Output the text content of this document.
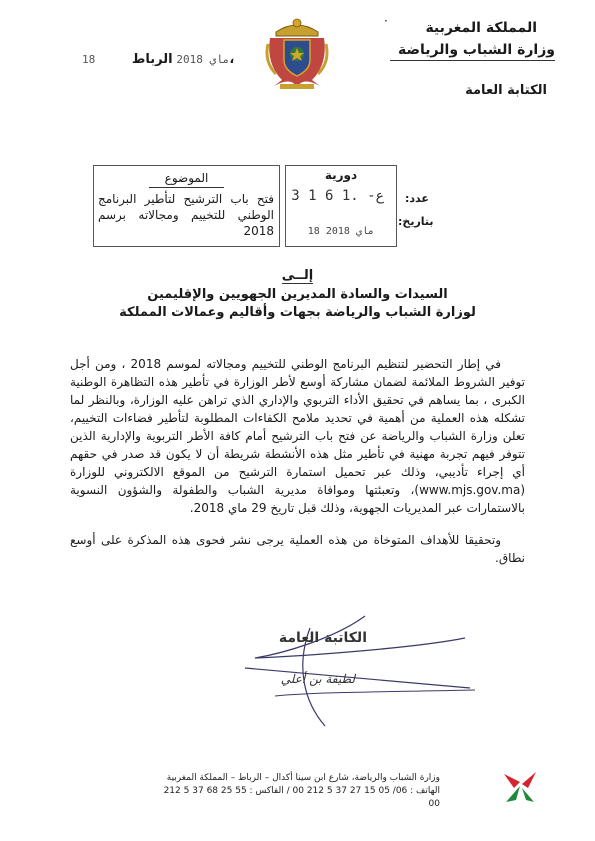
·	المملكة المغربية
وزارة الشباب والرياضة
الكتابة العامة
18 ماي 2018 الرباط،
دورية
3 1 6 1. -ع
18 ماي 2018
عدد:
بتاريخ:
الموضوع
فتح باب الترشيح لتأطير البرنامج الوطني للتخييم ومجالاته برسم 2018
إلــى
السيدات والسادة المديرين الجهويين والإقليمين
لوزارة الشباب والرياضة بجهات وأقاليم وعمالات المملكة

في إطار التحضير لتنظيم البرنامج الوطني للتخييم ومجالاته لموسم 2018 ، ومن أجل توفير الشروط الملائمة لضمان مشاركة أوسع لأطر الوزارة في تأطير هذه التظاهرة الوطنية الكبرى ، بما يساهم في تحقيق الأداء التربوي والإداري الذي تراهن عليه الوزارة، وبالنظر لما تشكله هذه العملية من أهمية في تحديد ملامح الكفاءات المطلوبة لتأطير فضاءات التخييم، تعلن وزارة الشباب والرياضة عن فتح باب الترشيح أمام كافة الأطر التربوية والإدارية الذين تتوفر فيهم تجربة مهنية في تأطير مثل هذه الأنشطة شريطة أن لا يكون قد صدر في حقهم أي إجراء تأديبي، وذلك عبر تحميل استمارة الترشيح من الموقع الالكتروني للوزارة (www.mjs.gov.ma)، وتعبئتها وموافاة مديرية الشباب والطفولة والشؤون النسوية بالاستمارات عبر المديريات الجهوية، وذلك قبل تاريخ 29 ماي 2018.

وتحقيقا للأهداف المتوخاة من هذه العملية يرجى نشر فحوى هذه المذكرة على أوسع نطاق.

الكاتبة العامة
لطيفة بن أعلي
وزارة الشباب والرياضة، شارع ابن سينا أكدال – الرباط – المملكة المغربية
الهاتف : 06/ 05 15 27 37 5 212 00 / الفاكس : 55 25 68 37 5 212 00
